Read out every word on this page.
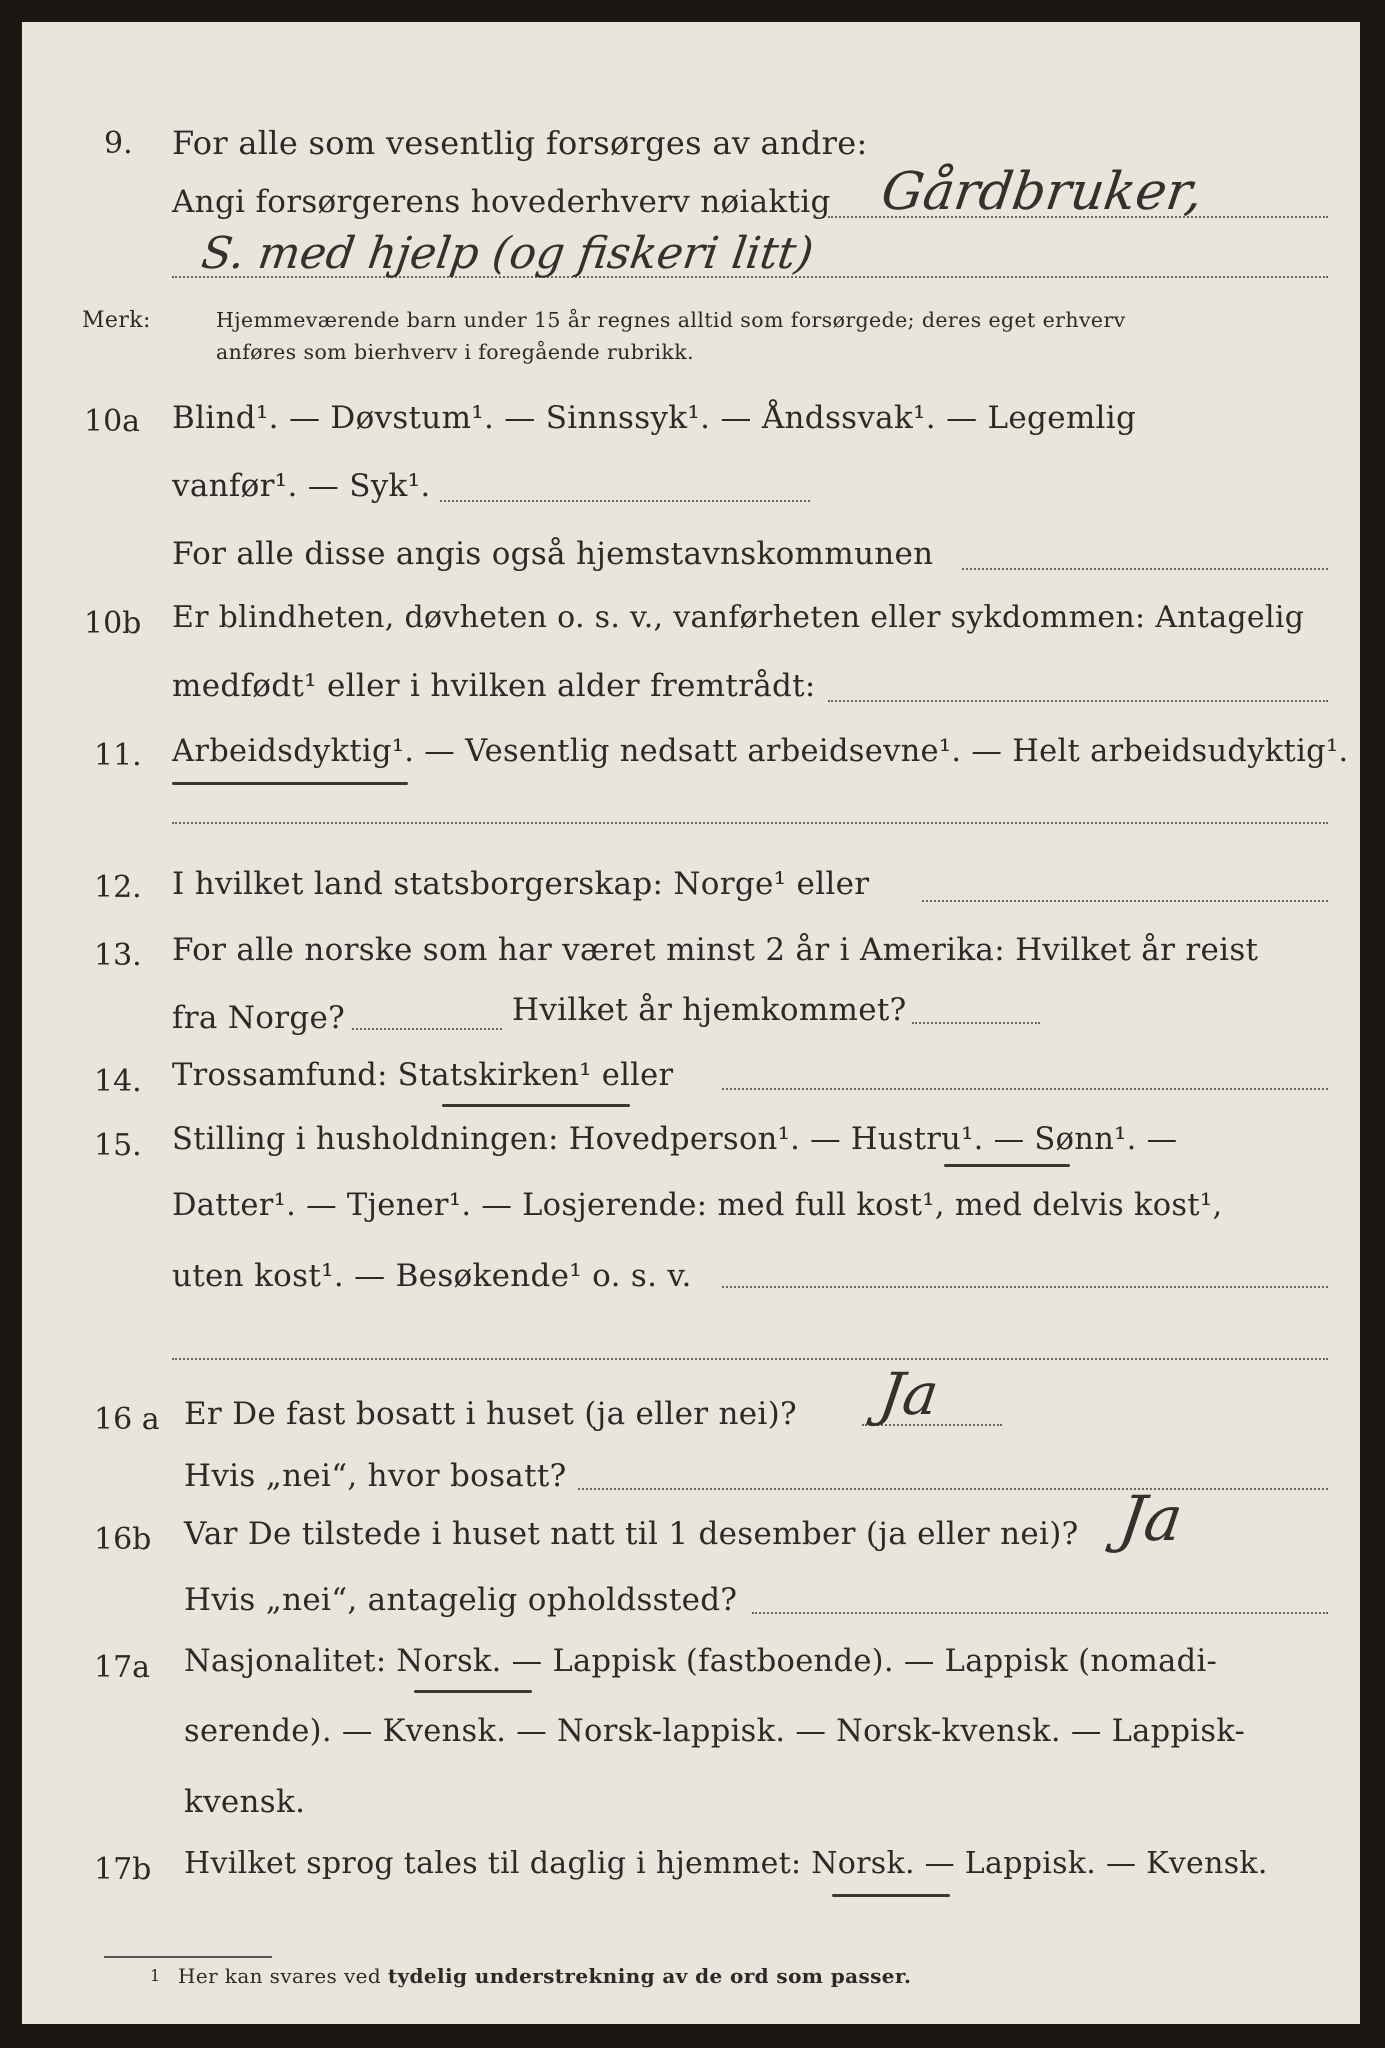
9. For alle som vesentlig forsørges av andre:
Angi forsørgerens hovederhverv nøiaktig Gårdbruker,
S. med hjelp (og fiskeri litt)
Merk:	Hjemmeværende barn under 15 år regnes alltid som forsørgede; deres eget erhverv
anføres som bierhverv i foregående rubrikk.
10a Blind¹. — Døvstum¹. — Sinnssyk¹. — Åndssvak¹. — Legemlig
vanfør¹. — Syk¹.
For alle disse angis også hjemstavnskommunen
10b Er blindheten, døvheten o. s. v., vanførheten eller sykdommen: Antagelig
medfødt¹ eller i hvilken alder fremtrådt:
11. Arbeidsdyktig¹. — Vesentlig nedsatt arbeidsevne¹. — Helt arbeidsudyktig¹.
12. I hvilket land statsborgerskap: Norge¹ eller
13. For alle norske som har været minst 2 år i Amerika: Hvilket år reist
fra Norge?	Hvilket år hjemkommet?
14. Trossamfund: Statskirken¹ eller
15. Stilling i husholdningen: Hovedperson¹. — Hustru¹. — Sønn¹. —
Datter¹. — Tjener¹. — Losjerende: med full kost¹, med delvis kost¹,
uten kost¹. — Besøkende¹ o. s. v.
16 a Er De fast bosatt i huset (ja eller nei)? Ja
Hvis „nei“, hvor bosatt?
16b Var De tilstede i huset natt til 1 desember (ja eller nei)? Ja
Hvis „nei“, antagelig opholdssted?
17a Nasjonalitet: Norsk. — Lappisk (fastboende). — Lappisk (nomadi-
serende). — Kvensk. — Norsk-lappisk. — Norsk-kvensk. — Lappisk-
kvensk.
17b Hvilket sprog tales til daglig i hjemmet: Norsk. — Lappisk. — Kvensk.
1 Her kan svares ved tydelig understrekning av de ord som passer.
